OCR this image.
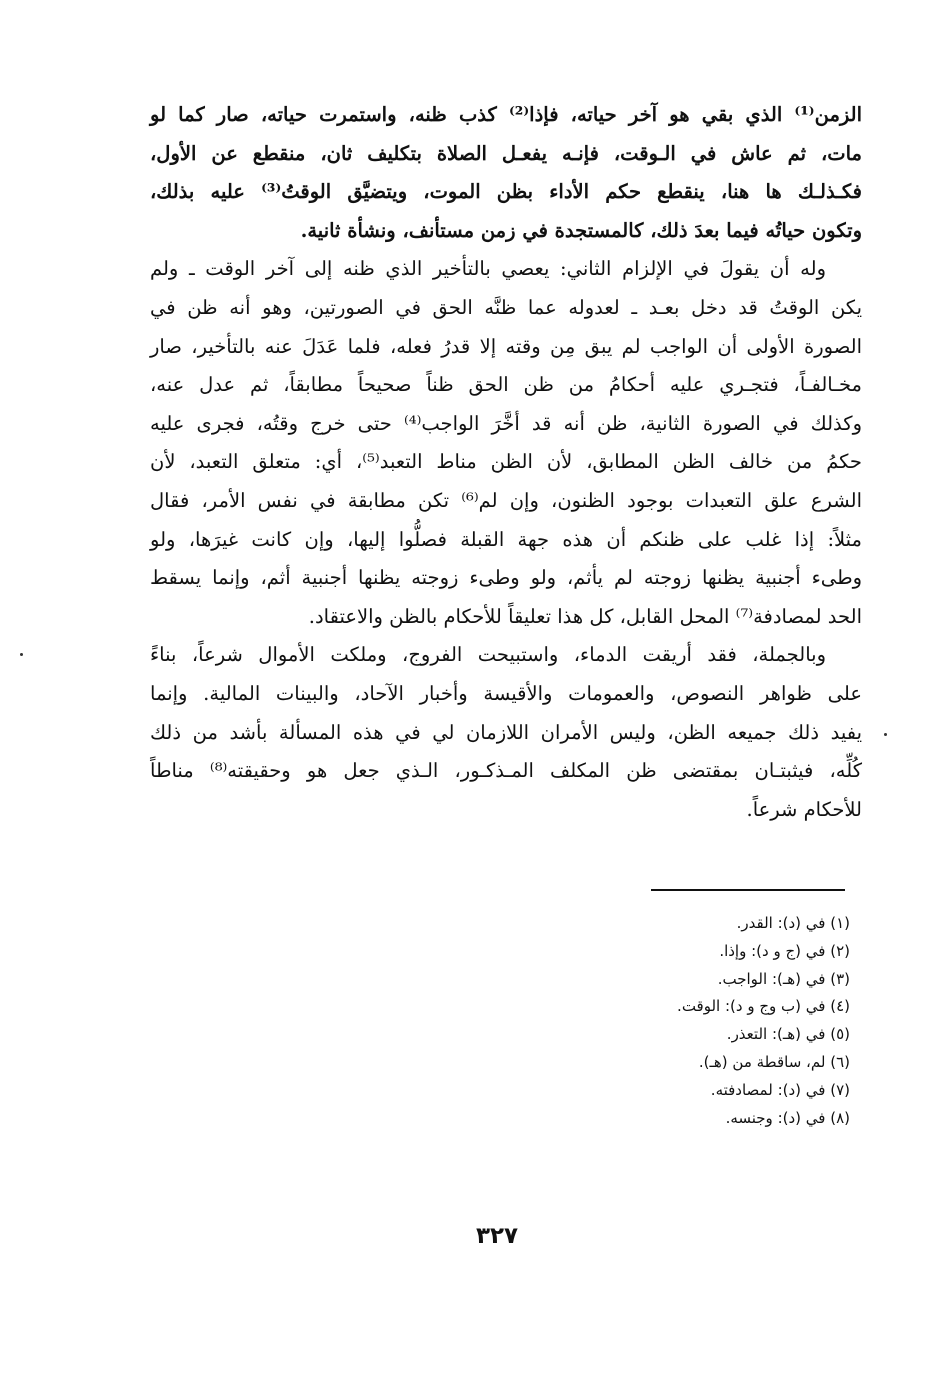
الزمن⁽¹⁾ الذي بقي هو آخر حياته، فإذا⁽²⁾ كذب ظنه، واستمرت حياته، صار كما لو
مات، ثم عاش في الـوقت، فإنـه يفعـل الصلاة بتكليف ثان، منقطع عن الأول،
فكـذلـك ها هنا، ينقطع حكم الأداء بظن الموت، ويتضيَّق الوقتُ⁽³⁾ عليه بذلك،
وتكون حياتُه فيما بعدَ ذلك، كالمستجدة في زمن مستأنف، ونشأة ثانية.

وله أن يقولَ في الإلزام الثاني: يعصي بالتأخير الذي ظنه إلى آخر الوقت ـ ولم
يكن الوقتُ قد دخل بعـد ـ لعدوله عما ظنَّه الحق في الصورتين، وهو أنه ظن في
الصورة الأولى أن الواجب لم يبق مِن وقته إلا قدرُ فعله، فلما عَدَلَ عنه بالتأخير، صار
مخـالفـاً، فتجـري عليه أحكامُ من ظن الحق ظناً صحيحاً مطابقاً، ثم عدل عنه،
وكذلك في الصورة الثانية، ظن أنه قد أخَّرَ الواجب⁽⁴⁾ حتى خرج وقتُه، فجرى عليه
حكمُ من خالف الظن المطابق، لأن الظن مناط التعبد⁽⁵⁾، أي: متعلق التعبد، لأن
الشرع علق التعبدات بوجود الظنون، وإن لم⁽⁶⁾ تكن مطابقة في نفس الأمر، فقال
مثلاً: إذا غلب على ظنكم أن هذه جهة القبلة فصلُّوا إليها، وإن كانت غيرَها، ولو
وطىء أجنبية يظنها زوجته لم يأثم، ولو وطىء زوجته يظنها أجنبية أثم، وإنما يسقط
الحد لمصادفة⁽⁷⁾ المحل القابل، كل هذا تعليقاً للأحكام بالظن والاعتقاد.

وبالجملة، فقد أريقت الدماء، واستبيحت الفروج، وملكت الأموال شرعاً، بناءً
على ظواهر النصوص، والعمومات والأقيسة وأخبار الآحاد، والبينات المالية. وإنما
يفيد ذلك جميعه الظن، وليس الأمران اللازمان لي في هذه المسألة بأشد من ذلك
كُلِّه، فيثبتـان بمقتضى ظن المكلف المـذكـور، الـذي جعل هو وحقيقته⁽⁸⁾ مناطاً
للأحكام شرعاً.

(١) في (د): القدر.
(٢) في (ج و د): وإذا.
(٣) في (هـ): الواجب.
(٤) في (ب وج و د): الوقت.
(٥) في (هـ): التعذر.
(٦) لم، ساقطة من (هـ).
(٧) في (د): لمصادفته.
(٨) في (د): وجنسه.
٣٢٧
